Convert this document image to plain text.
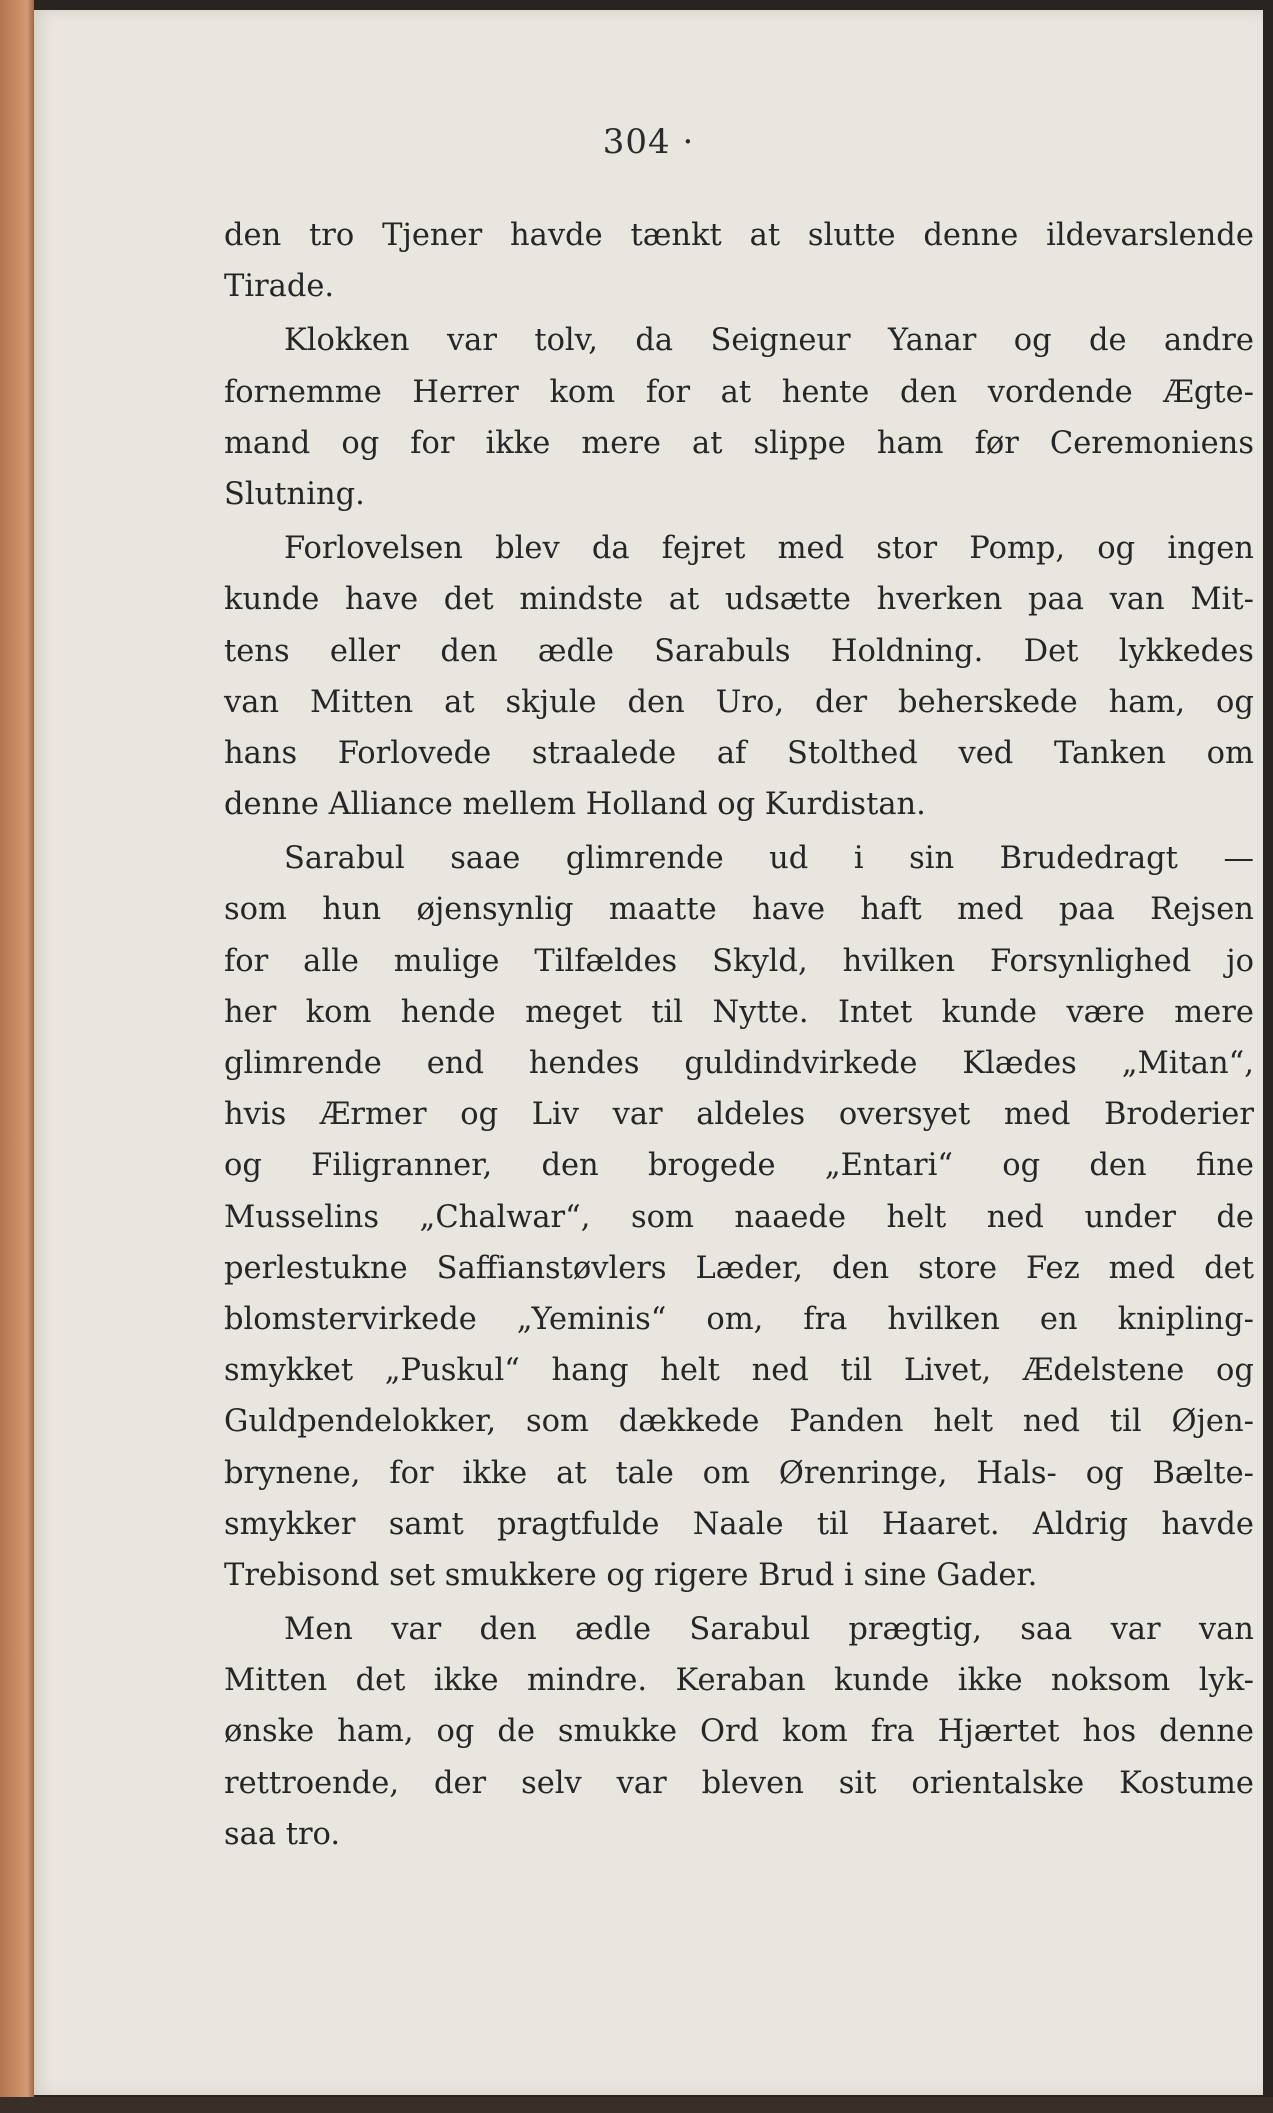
304 ·
den tro Tjener havde tænkt at slutte denne ildevarslende
Tirade.
Klokken var tolv, da Seigneur Yanar og de andre
fornemme Herrer kom for at hente den vordende Ægte-
mand og for ikke mere at slippe ham før Ceremoniens
Slutning.
Forlovelsen blev da fejret med stor Pomp, og ingen
kunde have det mindste at udsætte hverken paa van Mit-
tens eller den ædle Sarabuls Holdning. Det lykkedes
van Mitten at skjule den Uro, der beherskede ham, og
hans Forlovede straalede af Stolthed ved Tanken om
denne Alliance mellem Holland og Kurdistan.
Sarabul saae glimrende ud i sin Brudedragt —
som hun øjensynlig maatte have haft med paa Rejsen
for alle mulige Tilfældes Skyld, hvilken Forsynlighed jo
her kom hende meget til Nytte. Intet kunde være mere
glimrende end hendes guldindvirkede Klædes „Mitan“,
hvis Ærmer og Liv var aldeles oversyet med Broderier
og Filigranner, den brogede „Entari“ og den fine
Musselins „Chalwar“, som naaede helt ned under de
perlestukne Saffianstøvlers Læder, den store Fez med det
blomstervirkede „Yeminis“ om, fra hvilken en knipling-
smykket „Puskul“ hang helt ned til Livet, Ædelstene og
Guldpendelokker, som dækkede Panden helt ned til Øjen-
brynene, for ikke at tale om Ørenringe, Hals- og Bælte-
smykker samt pragtfulde Naale til Haaret. Aldrig havde
Trebisond set smukkere og rigere Brud i sine Gader.
Men var den ædle Sarabul prægtig, saa var van
Mitten det ikke mindre. Keraban kunde ikke noksom lyk-
ønske ham, og de smukke Ord kom fra Hjærtet hos denne
rettroende, der selv var bleven sit orientalske Kostume
saa tro.
